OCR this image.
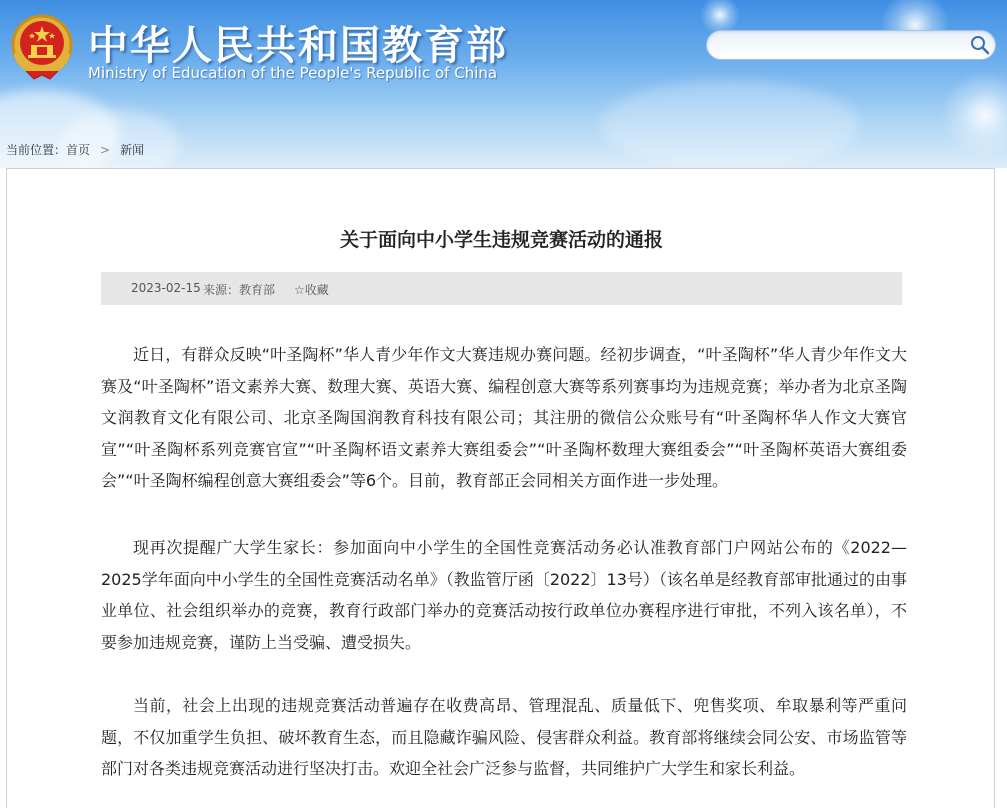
中华人民共和国教育部
Ministry of Education of the People's Republic of China
当前位置：首页 > 新闻
关于面向中小学生违规竞赛活动的通报
2023-02-15 来源：教育部 ☆收藏

近日，有群众反映“叶圣陶杯”华人青少年作文大赛违规办赛问题。经初步调查，“叶圣陶杯”华人青少年作文大赛及“叶圣陶杯”语文素养大赛、数理大赛、英语大赛、编程创意大赛等系列赛事均为违规竞赛；举办者为北京圣陶文润教育文化有限公司、北京圣陶国润教育科技有限公司；其注册的微信公众账号有“叶圣陶杯华人作文大赛官宣”“叶圣陶杯系列竞赛官宣”“叶圣陶杯语文素养大赛组委会”“叶圣陶杯数理大赛组委会”“叶圣陶杯英语大赛组委会”“叶圣陶杯编程创意大赛组委会”等6个。目前，教育部正会同相关方面作进一步处理。

现再次提醒广大学生家长：参加面向中小学生的全国性竞赛活动务必认准教育部门户网站公布的《2022—2025学年面向中小学生的全国性竞赛活动名单》（教监管厅函〔2022〕13号）（该名单是经教育部审批通过的由事业单位、社会组织举办的竞赛，教育行政部门举办的竞赛活动按行政单位办赛程序进行审批，不列入该名单），不要参加违规竞赛，谨防上当受骗、遭受损失。

当前，社会上出现的违规竞赛活动普遍存在收费高昂、管理混乱、质量低下、兜售奖项、牟取暴利等严重问题，不仅加重学生负担、破坏教育生态，而且隐藏诈骗风险、侵害群众利益。教育部将继续会同公安、市场监管等部门对各类违规竞赛活动进行坚决打击。欢迎全社会广泛参与监督，共同维护广大学生和家长利益。
